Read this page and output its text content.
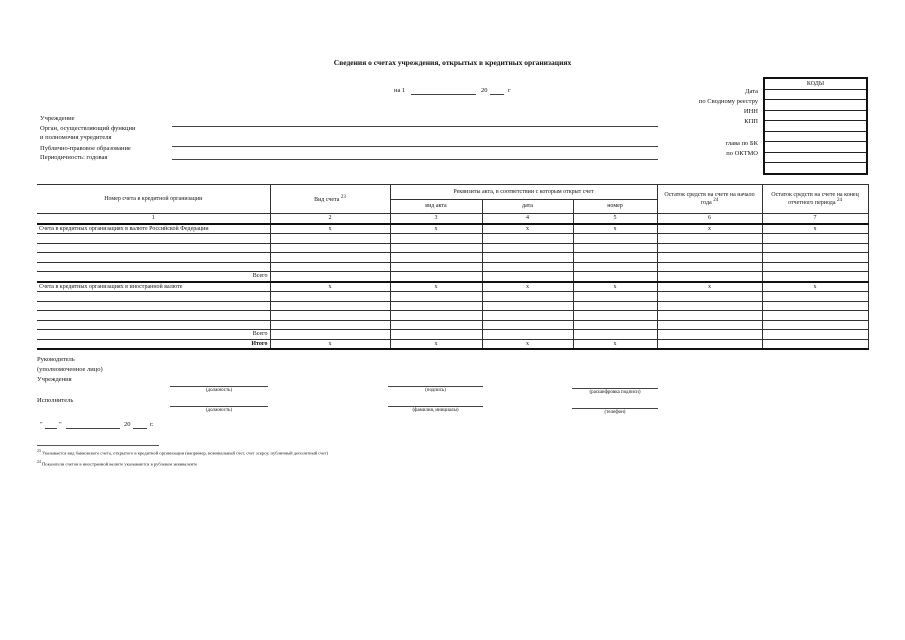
Сведения о счетах учреждения, открытых в кредитных организациях
на 1	20	г	Дата
по Сводному реестру
ИНН
КПП
глава по БК
по ОКТМО
КОДЫ

Учреждение
Орган, осуществляющий функции
и полномочия учредителя
Публично-правовое образование
Периодичность: годовая
Номер счета в кредитной организации	Вид счета $^{23}$	Реквизиты акта, в соответствии с которым открыт счет			Остаток средств на счете на начало года $^{24}$	Остаток средств на счете на конец отчетного периода $^{24}$
		вид акта	дата	номер		
1	2	3	4	5	6	7
Счета в кредитных организациях в валюте Российской Федерации	x	x	x	x	x	x

Всего						
Счета в кредитных организациях в иностранной валюте	x	x	x	x	x	x

Всего						
Итого	x	x	x	x		
Руководитель
(уполномоченное лицо)
Учреждения
(должность)	(подпись)	(расшифровка подписи)
Исполнитель
(должность)	(фамилия, инициалы)	(телефон)
"	"	20	г.
$^{23}$ Указывается вид банковского счета, открытого в кредитной организации (например, номинальный счет, счет эскроу, публичный депозитный счет)
$^{24}$ Показатели счетов в иностранной валюте указываются в рублевом эквиваленте
